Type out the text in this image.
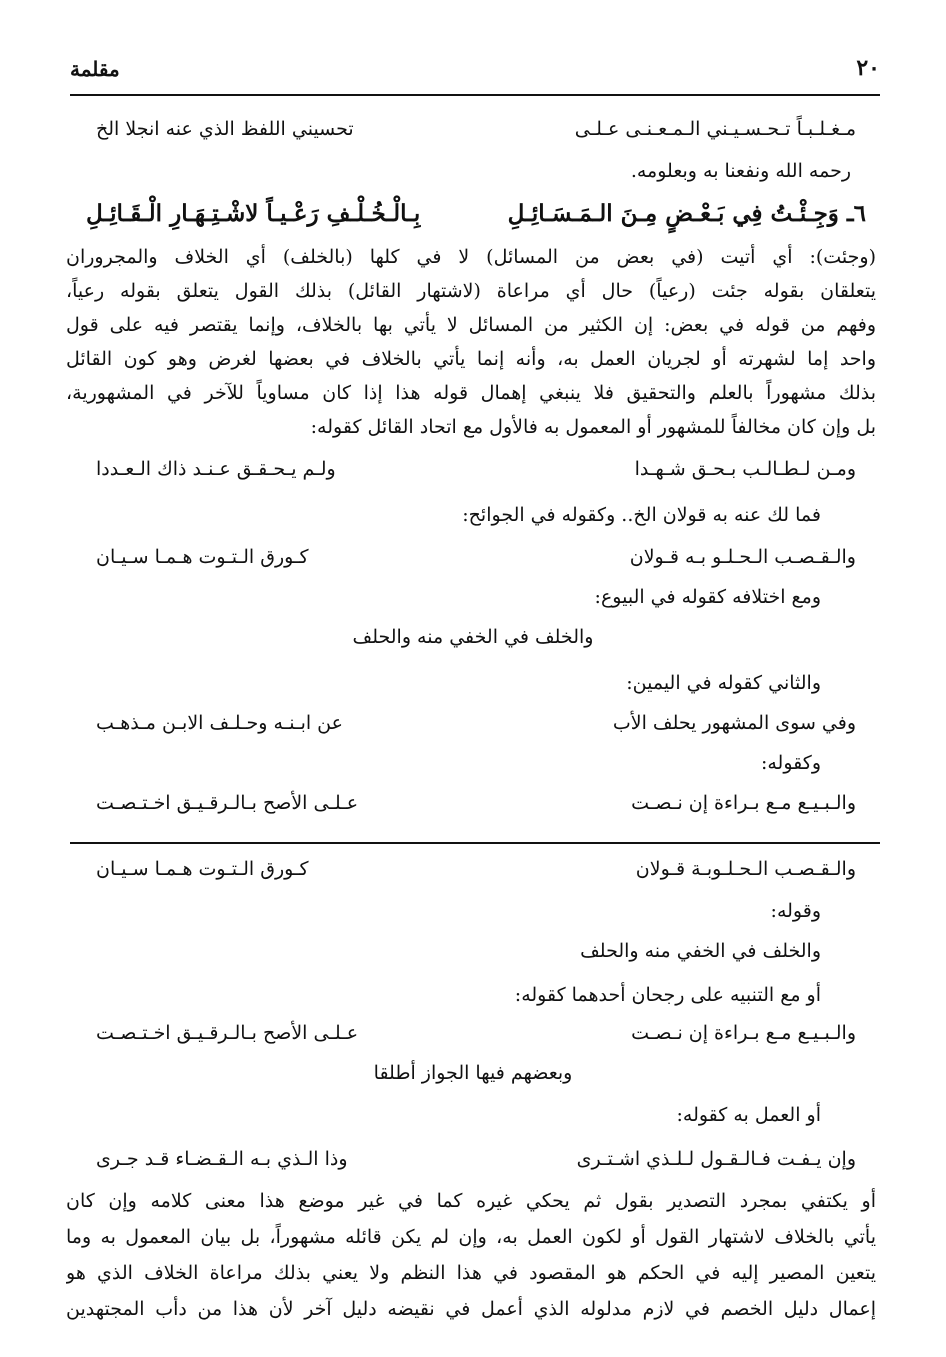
٢٠
مقلمة
مـغـلـبـاً تـحـسـيـني الـمـعـنـى عـلـى
تحسيني اللفظ الذي عنه انجلا الخ
رحمه الله ونفعنا به وبعلومه.
٦ـ وَجِـئْـتُ فِي بَـعْـضٍ مِـنَ الـمَـسَـائِـلِ
بِـالْـخُـلْـفِ رَعْـيـاً لاشْـتِـهَـارِ الْـقَـائِـلِ
(وجئت): أي أتيت (في بعض من المسائل) لا في كلها (بالخلف) أي الخلاف والمجروران
يتعلقان بقوله جئت (رعياً) حال أي مراعاة (لاشتهار القائل) بذلك القول يتعلق بقوله رعياً،
وفهم من قوله في بعض: إن الكثير من المسائل لا يأتي بها بالخلاف، وإنما يقتصر فيه على قول
واحد إما لشهرته أو لجريان العمل به، وأنه إنما يأتي بالخلاف في بعضها لغرض وهو كون القائل
بذلك مشهوراً بالعلم والتحقيق فلا ينبغي إهمال قوله هذا إذا كان مساوياً للآخر في المشهورية،
بل وإن كان مخالفاً للمشهور أو المعمول به فالأول مع اتحاد القائل كقوله:
ومـن لـطـالـب بـحـق شـهـدا
ولـم يـحـقـق عـنـد ذاك الـعـددا
فما لك عنه به قولان الخ.. وكقوله في الجوائح:
والـقـصـب الـحـلـو بـه قـولان
كـورق الـتـوت هـمـا سـيـان
ومع اختلافه كقوله في البيوع:
والخلف في الخفي منه والحلف
والثاني كقوله في اليمين:
وفي سوى المشهور يحلف الأب
عن ابـنـه وحـلـف الابـن مـذهـب
وكقوله:
والـبـيـع مـع بـراءة إن نـصـت
عـلـى الأصح بـالـرقـيـق اخـتـصـت
والـقـصـب الـحـلـوبـة قـولان
كـورق الـتـوت هـمـا سـيـان
وقوله:
والخلف في الخفي منه والحلف
أو مع التنبيه على رجحان أحدهما كقوله:
والـبـيـع مـع بـراءة إن نـصـت
عـلـى الأصح بـالـرقـيـق اخـتـصـت
وبعضهم فيها الجواز أطلقا
أو العمل به كقوله:
وإن يـفـت فـالـقـول لـلـذي اشـتـرى
وذا الـذي بـه الـقـضـاء قـد جـرى
أو يكتفي بمجرد التصدير بقول ثم يحكي غيره كما في غير موضع هذا معنى كلامه وإن كان
يأتي بالخلاف لاشتهار القول أو لكون العمل به، وإن لم يكن قائله مشهوراً، بل بيان المعمول به وما
يتعين المصير إليه في الحكم هو المقصود في هذا النظم ولا يعني بذلك مراعاة الخلاف الذي هو
إعمال دليل الخصم في لازم مدلوله الذي أعمل في نقيضه دليل آخر لأن هذا من دأب المجتهدين
